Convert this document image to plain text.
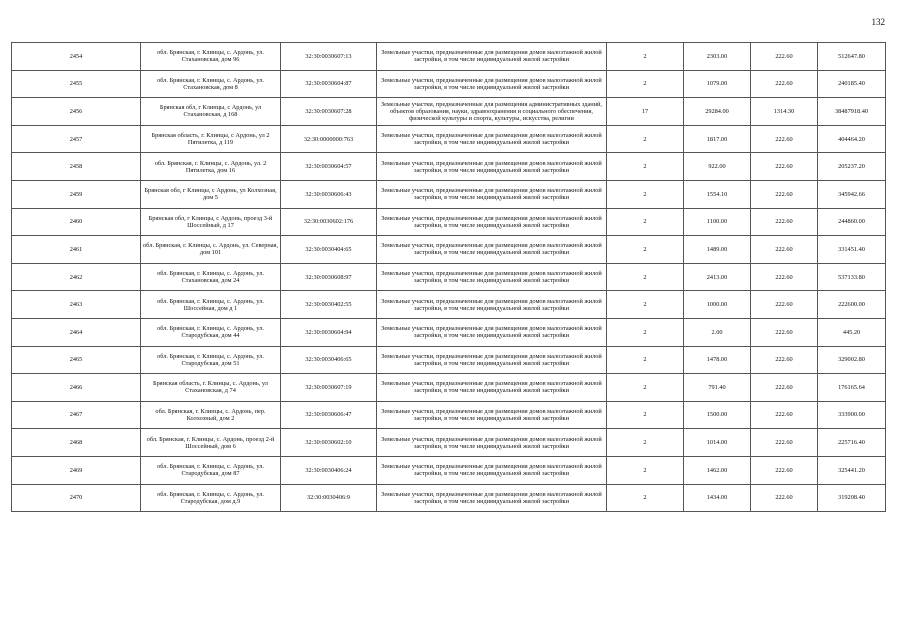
132
2454	обл. Брянская, г. Клинцы, с. Ардонь, ул. Стахановская, дом 96	32:30:0030607:13	Земельные участки, предназначенные для размещения домов малоэтажной жилой застройки, в том числе индивидуальной жилой застройки	2	2303.00	222.60	512647.80
2455	обл. Брянская, г. Клинцы, с. Ардонь, ул. Стахановская, дом 8	32:30:0030604:87	Земельные участки, предназначенные для размещения домов малоэтажной жилой застройки, в том числе индивидуальной жилой застройки	2	1079.00	222.60	240185.40
2456	Брянская обл, г Клинцы, с Ардонь, ул Стахановская, д 168	32:30:0030607:28	Земельные участки, предназначенные для размещения административных зданий, объектов образования, науки, здравоохранения и социального обеспечения, физической культуры и спорта, культуры, искусства, религии	17	29284.00	1314.30	38487918.40
2457	Брянская область, г. Клинцы, с Ардонь, ул 2 Пятилетка, д 119	32:30:0000000:763	Земельные участки, предназначенные для размещения домов малоэтажной жилой застройки, в том числе индивидуальной жилой застройки	2	1817.00	222.60	404464.20
2458	обл. Брянская, г. Клинцы, с. Ардонь, ул. 2 Пятилетка, дом 16	32:30:0030604:57	Земельные участки, предназначенные для размещения домов малоэтажной жилой застройки, в том числе индивидуальной жилой застройки	2	922.00	222.60	205237.20
2459	Брянская обл, г Клинцы, с Ардонь, ул Колхозная, дом 5	32:30:0030606:43	Земельные участки, предназначенные для размещения домов малоэтажной жилой застройки, в том числе индивидуальной жилой застройки	2	1554.10	222.60	345942.66
2460	Брянская обл, г Клинцы, с Ардонь, проезд 3-й Шоссейный, д 17	32:30:0030602:176	Земельные участки, предназначенные для размещения домов малоэтажной жилой застройки, в том числе индивидуальной жилой застройки	2	1100.00	222.60	244860.00
2461	обл. Брянская, г. Клинцы, с. Ардонь, ул. Северная, дом 101	32:30:0030404:65	Земельные участки, предназначенные для размещения домов малоэтажной жилой застройки, в том числе индивидуальной жилой застройки	2	1489.00	222.60	331451.40
2462	обл. Брянская, г. Клинцы, с. Ардонь, ул. Стахановская, дом 24	32:30:0030608:97	Земельные участки, предназначенные для размещения домов малоэтажной жилой застройки, в том числе индивидуальной жилой застройки	2	2413.00	222.60	537133.80
2463	обл. Брянская, г. Клинцы, с. Ардонь, ул. Шоссейная, дом д 1	32:30:0030402:55	Земельные участки, предназначенные для размещения домов малоэтажной жилой застройки, в том числе индивидуальной жилой застройки	2	1000.00	222.60	222600.00
2464	обл. Брянская, г. Клинцы, с. Ардонь, ул. Стародубская, дом 44	32:30:0030604:94	Земельные участки, предназначенные для размещения домов малоэтажной жилой застройки, в том числе индивидуальной жилой застройки	2	2.00	222.60	445.20
2465	обл. Брянская, г. Клинцы, с. Ардонь, ул. Стародубская, дом 51	32:30:0030406:65	Земельные участки, предназначенные для размещения домов малоэтажной жилой застройки, в том числе индивидуальной жилой застройки	2	1478.00	222.60	329002.80
2466	Брянская область, г. Клинцы, с. Ардонь, ул Стахановская, д 74	32:30:0030607:19	Земельные участки, предназначенные для размещения домов малоэтажной жилой застройки, в том числе индивидуальной жилой застройки	2	791.40	222.60	176165.64
2467	обл. Брянская, г. Клинцы, с. Ардонь, пер. Колхозный, дом 2	32:30:0030606:47	Земельные участки, предназначенные для размещения домов малоэтажной жилой застройки, в том числе индивидуальной жилой застройки	2	1500.00	222.60	333900.00
2468	обл. Брянская, г. Клинцы, с. Ардонь, проезд 2-й Шоссейный, дом 6	32:30:0030602:10	Земельные участки, предназначенные для размещения домов малоэтажной жилой застройки, в том числе индивидуальной жилой застройки	2	1014.00	222.60	225716.40
2469	обл. Брянская, г. Клинцы, с. Ардонь, ул. Стародубская, дом 87	32:30:0030406:24	Земельные участки, предназначенные для размещения домов малоэтажной жилой застройки, в том числе индивидуальной жилой застройки	2	1462.00	222.60	325441.20
2470	обл. Брянская, г. Клинцы, с. Ардонь, ул. Стародубская, дом д.9	32:30:0030406:9	Земельные участки, предназначенные для размещения домов малоэтажной жилой застройки, в том числе индивидуальной жилой застройки	2	1434.00	222.60	319208.40
